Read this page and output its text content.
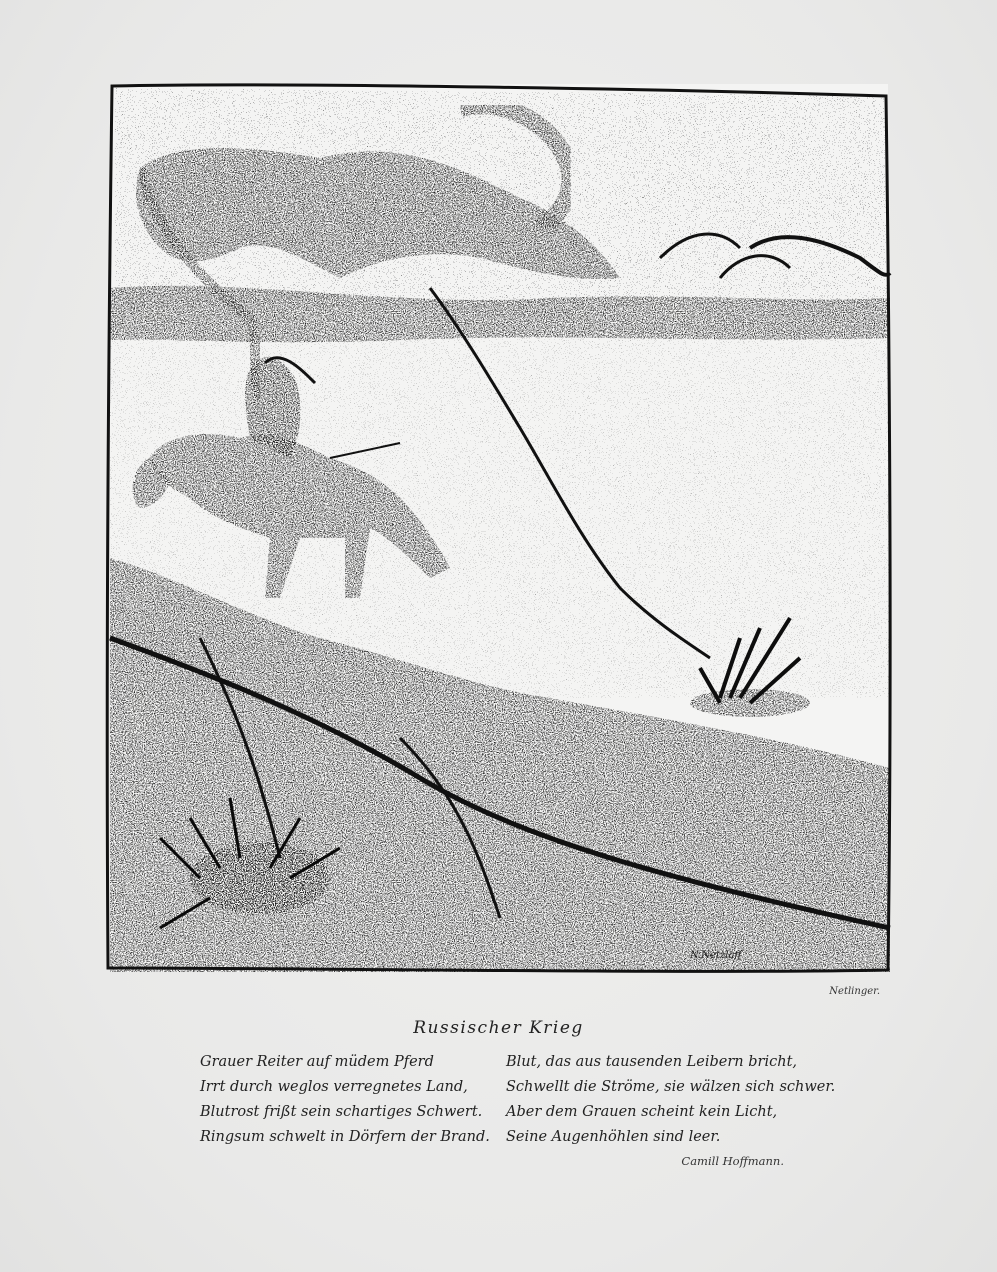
N.Netzlaff
Netlinger.
Russischer Krieg
Grauer Reiter auf müdem Pferd
Irrt durch weglos verregnetes Land,
Blutrost frißt sein schartiges Schwert.
Ringsum schwelt in Dörfern der Brand.
Blut, das aus tausenden Leibern bricht,
Schwellt die Ströme, sie wälzen sich schwer.
Aber dem Grauen scheint kein Licht,
Seine Augenhöhlen sind leer.
Camill Hoffmann.
